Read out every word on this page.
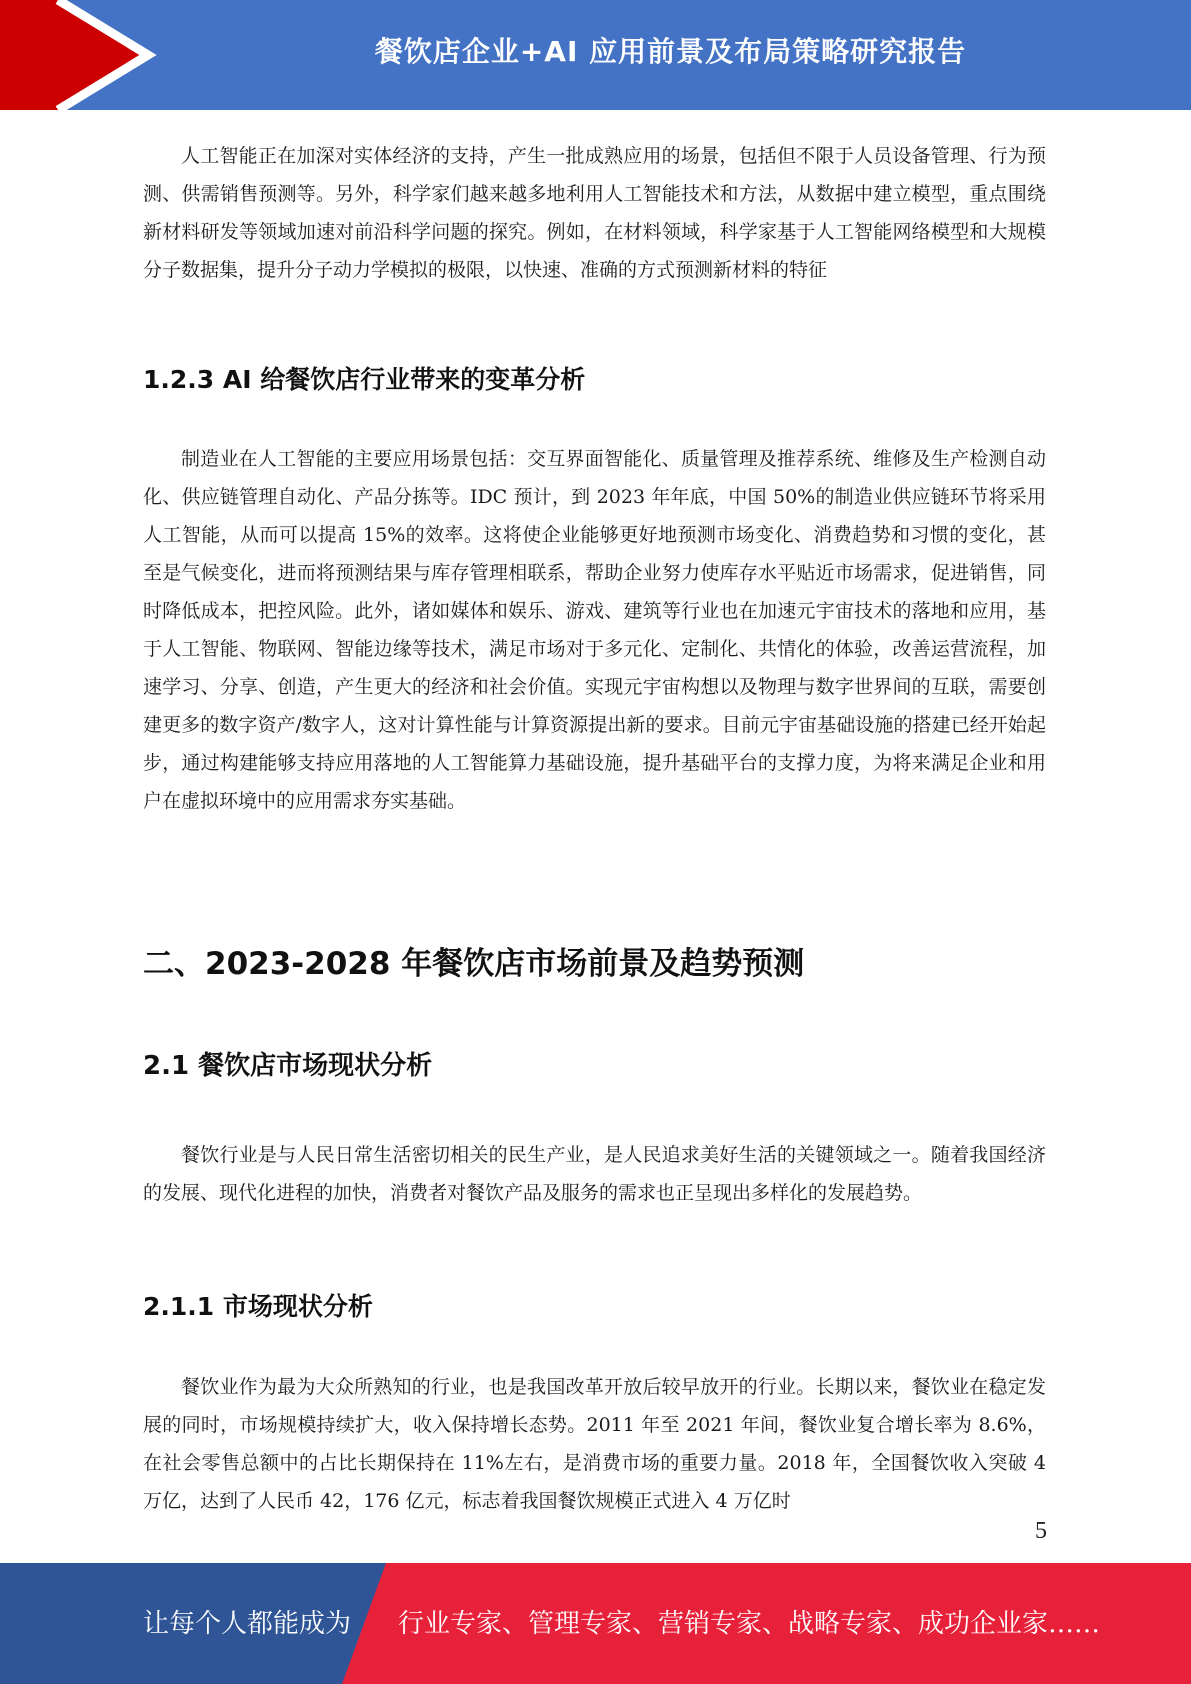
餐饮店企业+AI 应用前景及布局策略研究报告

人工智能正在加深对实体经济的支持，产生一批成熟应用的场景，包括但不限于人员设备管理、行为预测、供需销售预测等。另外，科学家们越来越多地利用人工智能技术和方法，从数据中建立模型，重点围绕新材料研发等领域加速对前沿科学问题的探究。例如，在材料领域，科学家基于人工智能网络模型和大规模分子数据集，提升分子动力学模拟的极限，以快速、准确的方式预测新材料的特征

1.2.3 AI 给餐饮店行业带来的变革分析

制造业在人工智能的主要应用场景包括：交互界面智能化、质量管理及推荐系统、维修及生产检测自动化、供应链管理自动化、产品分拣等。IDC 预计，到 2023 年年底，中国 50%的制造业供应链环节将采用人工智能，从而可以提高 15%的效率。这将使企业能够更好地预测市场变化、消费趋势和习惯的变化，甚至是气候变化，进而将预测结果与库存管理相联系，帮助企业努力使库存水平贴近市场需求，促进销售，同时降低成本，把控风险。此外，诸如媒体和娱乐、游戏、建筑等行业也在加速元宇宙技术的落地和应用，基于人工智能、物联网、智能边缘等技术，满足市场对于多元化、定制化、共情化的体验，改善运营流程，加速学习、分享、创造，产生更大的经济和社会价值。实现元宇宙构想以及物理与数字世界间的互联，需要创建更多的数字资产/数字人，这对计算性能与计算资源提出新的要求。目前元宇宙基础设施的搭建已经开始起步，通过构建能够支持应用落地的人工智能算力基础设施，提升基础平台的支撑力度，为将来满足企业和用户在虚拟环境中的应用需求夯实基础。

二、2023-2028 年餐饮店市场前景及趋势预测
2.1 餐饮店市场现状分析

餐饮行业是与人民日常生活密切相关的民生产业，是人民追求美好生活的关键领域之一。随着我国经济的发展、现代化进程的加快，消费者对餐饮产品及服务的需求也正呈现出多样化的发展趋势。

2.1.1 市场现状分析

餐饮业作为最为大众所熟知的行业，也是我国改革开放后较早放开的行业。长期以来，餐饮业在稳定发展的同时，市场规模持续扩大，收入保持增长态势。2011 年至 2021 年间，餐饮业复合增长率为 8.6%，在社会零售总额中的占比长期保持在 11%左右，是消费市场的重要力量。2018 年，全国餐饮收入突破 4 万亿，达到了人民币 42，176 亿元，标志着我国餐饮规模正式进入 4 万亿时

5
让每个人都能成为 行业专家、管理专家、营销专家、战略专家、成功企业家……
